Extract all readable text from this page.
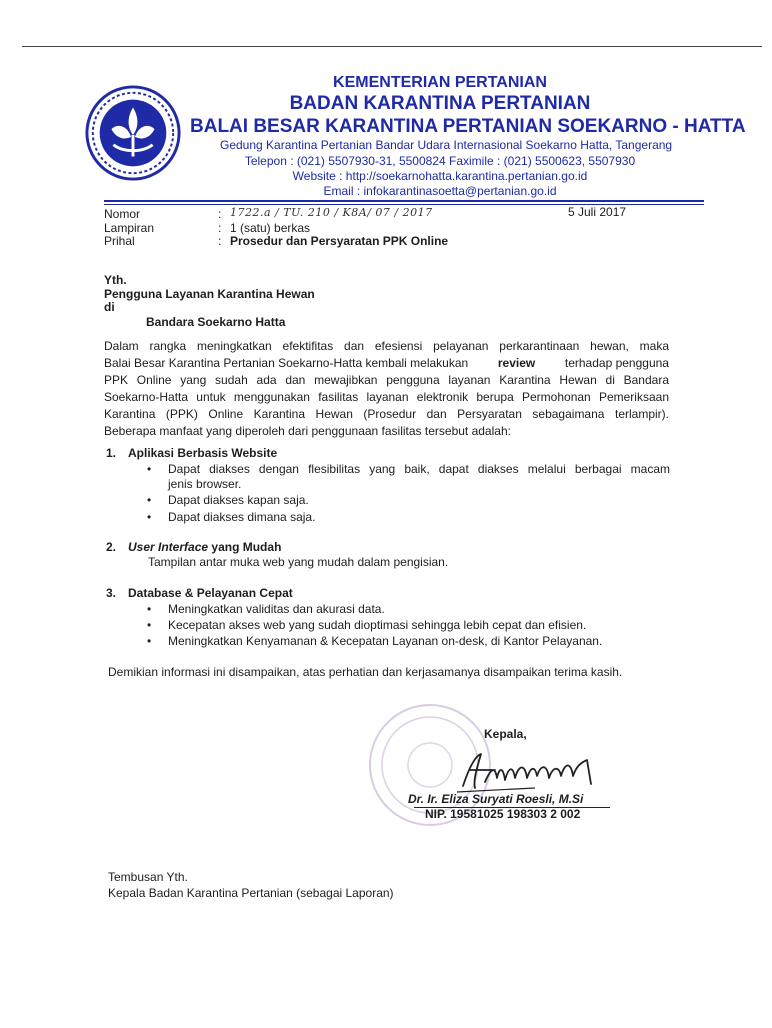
KEMENTERIAN PERTANIAN
BADAN KARANTINA PERTANIAN
BALAI BESAR KARANTINA PERTANIAN SOEKARNO - HATTA
Gedung Karantina Pertanian Bandar Udara Internasional Soekarno Hatta, Tangerang
Telepon : (021) 5507930-31, 5500824 Faximile : (021) 5500623, 5507930
Website : http://soekarnohatta.karantina.pertanian.go.id
Email : infokarantinasoetta@pertanian.go.id
Nomor	: 1722.a / TU. 210 / K8A/ 07 / 2017	5 Juli 2017
Lampiran	: 1 (satu) berkas
Prihal	: Prosedur dan Persyaratan PPK Online
Yth.
Pengguna Layanan Karantina Hewan
di
Bandara Soekarno Hatta
Dalam rangka meningkatkan efektifitas dan efesiensi pelayanan perkarantinaan hewan, maka
Balai Besar Karantina Pertanian Soekarno-Hatta kembali melakukan review terhadap pengguna
PPK Online yang sudah ada dan mewajibkan pengguna layanan Karantina Hewan di Bandara
Soekarno-Hatta untuk menggunakan fasilitas layanan elektronik berupa Permohonan Pemeriksaan
Karantina (PPK) Online Karantina Hewan (Prosedur dan Persyaratan sebagaimana terlampir).
Beberapa manfaat yang diperoleh dari penggunaan fasilitas tersebut adalah:
1. Aplikasi Berbasis Website
• Dapat diakses dengan flesibilitas yang baik, dapat diakses melalui berbagai macam
jenis browser.
• Dapat diakses kapan saja.
• Dapat diakses dimana saja.
2. User Interface yang Mudah
Tampilan antar muka web yang mudah dalam pengisian.
3. Database & Pelayanan Cepat
• Meningkatkan validitas dan akurasi data.
• Kecepatan akses web yang sudah dioptimasi sehingga lebih cepat dan efisien.
• Meningkatkan Kenyamanan & Kecepatan Layanan on-desk, di Kantor Pelayanan.
Demikian informasi ini disampaikan, atas perhatian dan kerjasamanya disampaikan terima kasih.
Kepala,
Dr. Ir. Eliza Suryati Roesli, M.Si
NIP. 19581025 198303 2 002
Tembusan Yth.
Kepala Badan Karantina Pertanian (sebagai Laporan)
